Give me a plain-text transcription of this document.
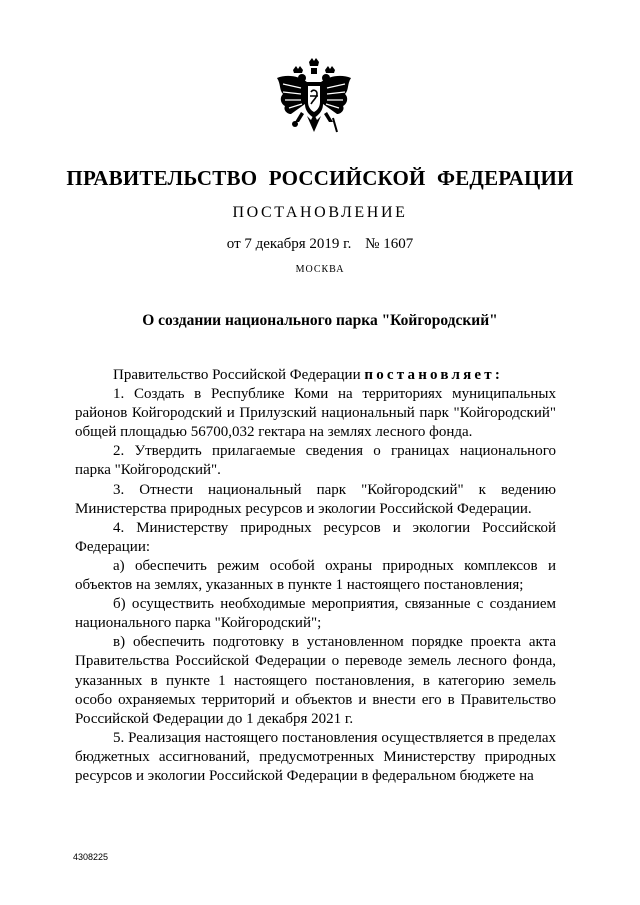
ПРАВИТЕЛЬСТВО РОССИЙСКОЙ ФЕДЕРАЦИИ
ПОСТАНОВЛЕНИЕ
от 7 декабря 2019 г. № 1607
МОСКВА
О создании национального парка "Койгородский"

Правительство Российской Федерации постановляет:

1. Создать в Республике Коми на территориях муниципальных районов Койгородский и Прилузский национальный парк "Койгородский" общей площадью 56700,032 гектара на землях лесного фонда.

2. Утвердить прилагаемые сведения о границах национального парка "Койгородский".

3. Отнести национальный парк "Койгородский" к ведению Министерства природных ресурсов и экологии Российской Федерации.

4. Министерству природных ресурсов и экологии Российской Федерации:

а) обеспечить режим особой охраны природных комплексов и объектов на землях, указанных в пункте 1 настоящего постановления;

б) осуществить необходимые мероприятия, связанные с созданием национального парка "Койгородский";

в) обеспечить подготовку в установленном порядке проекта акта Правительства Российской Федерации о переводе земель лесного фонда, указанных в пункте 1 настоящего постановления, в категорию земель особо охраняемых территорий и объектов и внести его в Правительство Российской Федерации до 1 декабря 2021 г.

5. Реализация настоящего постановления осуществляется в пределах бюджетных ассигнований, предусмотренных Министерству природных ресурсов и экологии Российской Федерации в федеральном бюджете на

4308225
